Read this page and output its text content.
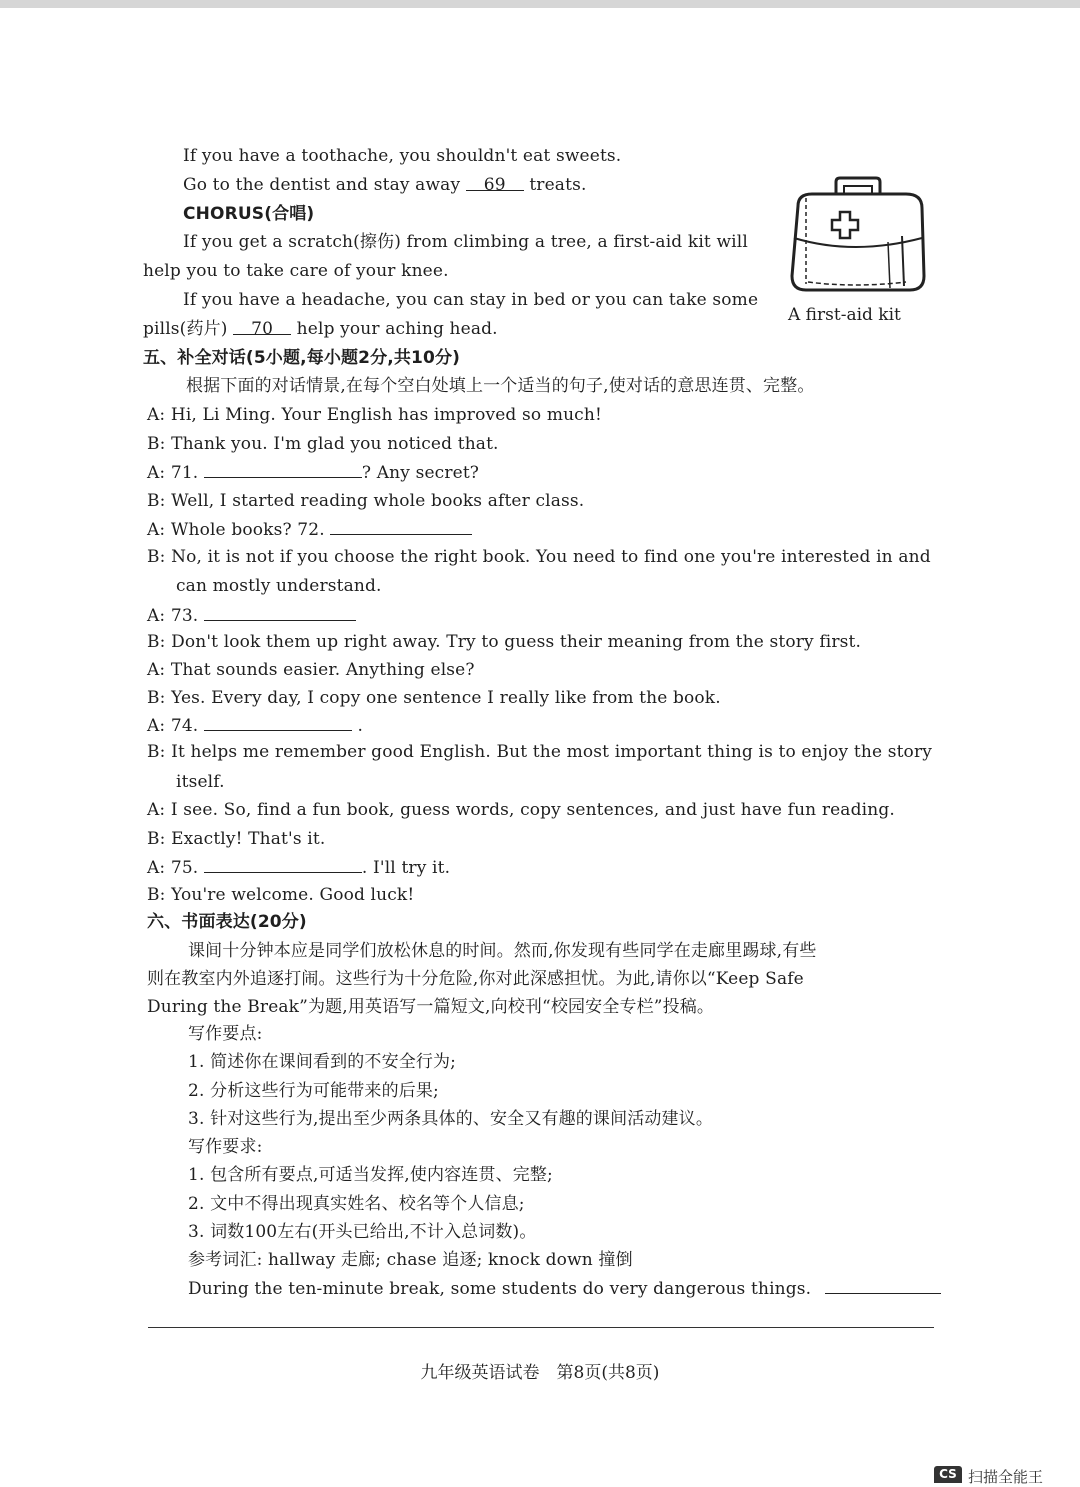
If you have a toothache, you shouldn't eat sweets.
Go to the dentist and stay away 69 treats.
CHORUS(合唱)
If you get a scratch(擦伤) from climbing a tree, a first-aid kit will
help you to take care of your knee.
If you have a headache, you can stay in bed or you can take some
pills(药片) 70 help your aching head.
A first-aid kit
五、补全对话(5小题,每小题2分,共10分)
根据下面的对话情景,在每个空白处填上一个适当的句子,使对话的意思连贯、完整。
A: Hi, Li Ming. Your English has improved so much!
B: Thank you. I'm glad you noticed that.
A: 71.	? Any secret?
B: Well, I started reading whole books after class.
A: Whole books? 72.
B: No, it is not if you choose the right book. You need to find one you're interested in and
can mostly understand.
A: 73.
B: Don't look them up right away. Try to guess their meaning from the story first.
A: That sounds easier. Anything else?
B: Yes. Every day, I copy one sentence I really like from the book.
A: 74.	.
B: It helps me remember good English. But the most important thing is to enjoy the story
itself.
A: I see. So, find a fun book, guess words, copy sentences, and just have fun reading.
B: Exactly! That's it.
A: 75.	. I'll try it.
B: You're welcome. Good luck!
六、书面表达(20分)
课间十分钟本应是同学们放松休息的时间。然而,你发现有些同学在走廊里踢球,有些
则在教室内外追逐打闹。这些行为十分危险,你对此深感担忧。为此,请你以“Keep Safe
During the Break”为题,用英语写一篇短文,向校刊“校园安全专栏”投稿。
写作要点:
1. 简述你在课间看到的不安全行为;
2. 分析这些行为可能带来的后果;
3. 针对这些行为,提出至少两条具体的、安全又有趣的课间活动建议。
写作要求:
1. 包含所有要点,可适当发挥,使内容连贯、完整;
2. 文中不得出现真实姓名、校名等个人信息;
3. 词数100左右(开头已给出,不计入总词数)。
参考词汇: hallway 走廊; chase 追逐; knock down 撞倒
During the ten-minute break, some students do very dangerous things.
九年级英语试卷　第8页(共8页)
CS 扫描全能王
